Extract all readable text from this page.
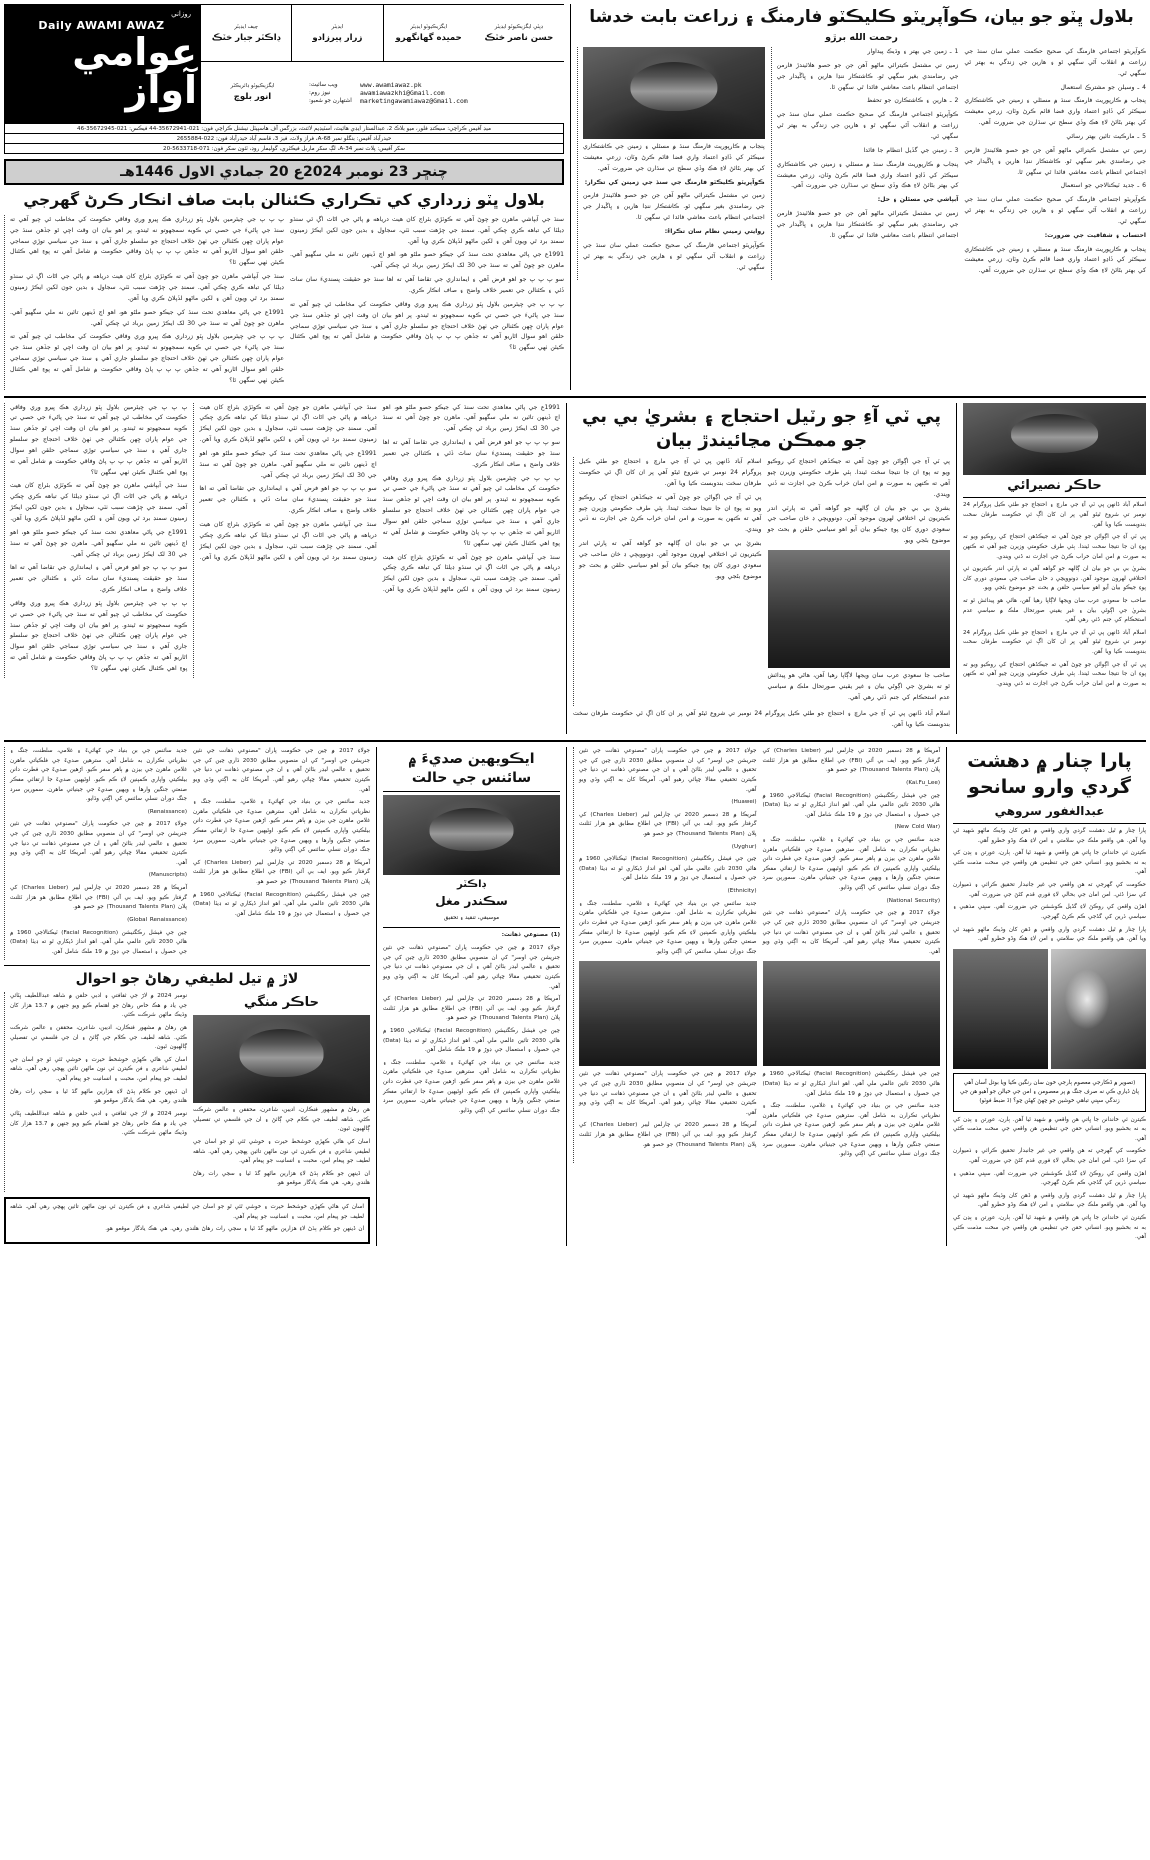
بلاول ڀٽو جو بيان، ڪوآپريٽو ڪليڪٽو فارمنگ ۽ زراعت بابت خدشا
رحمت الله برڙو

پنجاب ۾ ڪارپوريٽ فارمنگ سنڌ ۾ مسئلي ۽ زمينن جي ڪاشتڪاري سيڪٽر کي ڏاڍو اعتماد واري فضا قائم ڪرڻ وٽان، زرعي معيشت کي بهتر بڻائڻ لاءِ هڪ وڏي سطح تي سڌارن جي ضرورت آهي.

ڪوآپريٽو ڪليڪٽو فارمنگ جي سنڌ جي زمينن کي تڪرار:

زمين تي مشتمل ڪيترائي ماڻهو آهن جن جو حصو هلائيندڙ فارمن جي رضامندي بغير سگهي ٿو. ڪاشتڪار ننڍا هارين ۽ ڀاڱيدار جي اجتماعي انتظام باعث معاشي فائدا ٿي سگهن ٿا.

روايتي زميني نظام سان تڪراءُ:

ڪوآپريٽو اجتماعي فارمنگ کي صحيح حڪمت عملي سان سنڌ جي زراعت ۾ انقلاب آڻي سگهي ٿو ۽ هارين جي زندگي به بهتر ٿي سگهي ٿي.

1 ـ زمين جي بهتر ۽ وڌيڪ پيداوار

زمين تي مشتمل ڪيترائي ماڻهو آهن جن جو حصو هلائيندڙ فارمن جي رضامندي بغير سگهي ٿو. ڪاشتڪار ننڍا هارين ۽ ڀاڱيدار جي اجتماعي انتظام باعث معاشي فائدا ٿي سگهن ٿا.

2 ـ هارين ۽ ڪاشتڪارن جو تحفظ

ڪوآپريٽو اجتماعي فارمنگ کي صحيح حڪمت عملي سان سنڌ جي زراعت ۾ انقلاب آڻي سگهي ٿو ۽ هارين جي زندگي به بهتر ٿي سگهي ٿي.

3 ـ زمينن جي گڏيل انتظام جا فائدا

پنجاب ۾ ڪارپوريٽ فارمنگ سنڌ ۾ مسئلي ۽ زمينن جي ڪاشتڪاري سيڪٽر کي ڏاڍو اعتماد واري فضا قائم ڪرڻ وٽان، زرعي معيشت کي بهتر بڻائڻ لاءِ هڪ وڏي سطح تي سڌارن جي ضرورت آهي.

آبپاشي جي مسئلن ۽ حل:

زمين تي مشتمل ڪيترائي ماڻهو آهن جن جو حصو هلائيندڙ فارمن جي رضامندي بغير سگهي ٿو. ڪاشتڪار ننڍا هارين ۽ ڀاڱيدار جي اجتماعي انتظام باعث معاشي فائدا ٿي سگهن ٿا.

ڪوآپريٽو اجتماعي فارمنگ کي صحيح حڪمت عملي سان سنڌ جي زراعت ۾ انقلاب آڻي سگهي ٿو ۽ هارين جي زندگي به بهتر ٿي سگهي ٿي.

4 ـ وسيلن جو مشترڪ استعمال

پنجاب ۾ ڪارپوريٽ فارمنگ سنڌ ۾ مسئلي ۽ زمينن جي ڪاشتڪاري سيڪٽر کي ڏاڍو اعتماد واري فضا قائم ڪرڻ وٽان، زرعي معيشت کي بهتر بڻائڻ لاءِ هڪ وڏي سطح تي سڌارن جي ضرورت آهي.

5 ـ مارڪيٽ تائين بهتر رسائي

زمين تي مشتمل ڪيترائي ماڻهو آهن جن جو حصو هلائيندڙ فارمن جي رضامندي بغير سگهي ٿو. ڪاشتڪار ننڍا هارين ۽ ڀاڱيدار جي اجتماعي انتظام باعث معاشي فائدا ٿي سگهن ٿا.

6 ـ جديد ٽيڪنالاجي جو استعمال

ڪوآپريٽو اجتماعي فارمنگ کي صحيح حڪمت عملي سان سنڌ جي زراعت ۾ انقلاب آڻي سگهي ٿو ۽ هارين جي زندگي به بهتر ٿي سگهي ٿي.

احتساب ۽ شفافيت جي ضرورت:

پنجاب ۾ ڪارپوريٽ فارمنگ سنڌ ۾ مسئلي ۽ زمينن جي ڪاشتڪاري سيڪٽر کي ڏاڍو اعتماد واري فضا قائم ڪرڻ وٽان، زرعي معيشت کي بهتر بڻائڻ لاءِ هڪ وڏي سطح تي سڌارن جي ضرورت آهي.

روزاني
Daily AWAMI AWAZ
عوامي آواز
چيف ايڊيٽر
ڊاڪٽر جبار خٽڪ
ايڊيٽر
زرار پيرزادو
ايگزيڪيوٽو ايڊيٽر
حميده گهانگهرو
ڊپٽي ايگزيڪيوٽو ايڊيٽر
حسن ناصر خٽڪ
ايگزيڪيوٽو ڊائريڪٽر
انور بلوچ
ويب سائيٽ:	www.awamiawaz.pk
نيوز روم:	awamiawazkhi@Gmail.com
اشتهارن جو شعبو:	marketingawamiawaz@Gmail.com
ميڊ آفيس ڪراچي: سيڪنڊ فلور، ميو بلاڪ 2، عبدالستار ايڊي هائيٽ، اسٽيڊيم لائنٽ، بزرگس آف هاسپيٽل نيشنل ڪراچي فون: 021-35672941-44 فيڪس: 021-35672945-46
حيدرآباد آفيس: بنگلو نمبر 68-A، فراز ولاٽ، فيز 3، قاسم آباد حيدرآباد فون: 022-2655884
سکر آفيس: پلاٽ نمبر 34-A، لڳ سکر ماربل فيڪٽري، گوليمار روڊ، ٽئون سکر فون: 071-5633718-20
چنڇر 23 نومبر 2024ع 20 جمادي الاول 1446هـ
بلاول ڀٽو زرداري کي تڪراري ڪئنالن بابت صاف انڪار ڪرڻ گهرجي

پ پ پ جي چيئرمين بلاول ڀٽو زرداري هڪ ڀيرو وري وفاقي حڪومت کي مخاطب ٿي چيو آهي ته سنڌ جي پاڻيءَ جي حصي تي ڪوبه سمجهوتو نه ٿيندو. پر اهو بيان ان وقت اچي ٿو جڏهن سنڌ جي عوام پاران ڇهن ڪئنالن جي ٺهڻ خلاف احتجاج جو سلسلو جاري آهي ۽ سنڌ جي سياسي توڙي سماجي حلقن اهو سوال اٿاريو آهي ته جڏهن پ پ پ پاڻ وفاقي حڪومت ۾ شامل آهي ته پوءِ اهي ڪئنال ڪيئن ٺهي سگهن ٿا؟

سنڌ جي آبپاشي ماهرن جو چوڻ آهي ته ڪوٽڙي بئراج کان هيٺ درياهه ۾ پاڻي جي اڻاٺ اڳ ئي سنڌو ڊيلٽا کي تباهه ڪري چڪي آهي. سمنڊ جي چڙهت سبب ٺٽي، سجاول ۽ بدين جون لکين ايڪڙ زمينون سمنڊ برد ٿي ويون آهن ۽ لکين ماڻهو لڏپلاڻ ڪري ويا آهن.

1991ع جي پاڻي معاهدي تحت سنڌ کي جيڪو حصو ملڻو هو، اهو اڄ ڏينهن تائين نه ملي سگهيو آهي. ماهرن جو چوڻ آهي ته سنڌ جي 30 لک ايڪڙ زمين برباد ٿي چڪي آهي.

پ پ پ جي چيئرمين بلاول ڀٽو زرداري هڪ ڀيرو وري وفاقي حڪومت کي مخاطب ٿي چيو آهي ته سنڌ جي پاڻيءَ جي حصي تي ڪوبه سمجهوتو نه ٿيندو. پر اهو بيان ان وقت اچي ٿو جڏهن سنڌ جي عوام پاران ڇهن ڪئنالن جي ٺهڻ خلاف احتجاج جو سلسلو جاري آهي ۽ سنڌ جي سياسي توڙي سماجي حلقن اهو سوال اٿاريو آهي ته جڏهن پ پ پ پاڻ وفاقي حڪومت ۾ شامل آهي ته پوءِ اهي ڪئنال ڪيئن ٺهي سگهن ٿا؟

سنڌ جي آبپاشي ماهرن جو چوڻ آهي ته ڪوٽڙي بئراج کان هيٺ درياهه ۾ پاڻي جي اڻاٺ اڳ ئي سنڌو ڊيلٽا کي تباهه ڪري چڪي آهي. سمنڊ جي چڙهت سبب ٺٽي، سجاول ۽ بدين جون لکين ايڪڙ زمينون سمنڊ برد ٿي ويون آهن ۽ لکين ماڻهو لڏپلاڻ ڪري ويا آهن.

1991ع جي پاڻي معاهدي تحت سنڌ کي جيڪو حصو ملڻو هو، اهو اڄ ڏينهن تائين نه ملي سگهيو آهي. ماهرن جو چوڻ آهي ته سنڌ جي 30 لک ايڪڙ زمين برباد ٿي چڪي آهي.

سو پ پ پ جو اهو فرض آهي ۽ ايمانداري جي تقاضا آهي ته اها سنڌ جو حقيقت پسنديءَ سان ساٿ ڏئي ۽ ڪئنالن جي تعمير خلاف واضح ۽ صاف انڪار ڪري.

پ پ پ جي چيئرمين بلاول ڀٽو زرداري هڪ ڀيرو وري وفاقي حڪومت کي مخاطب ٿي چيو آهي ته سنڌ جي پاڻيءَ جي حصي تي ڪوبه سمجهوتو نه ٿيندو. پر اهو بيان ان وقت اچي ٿو جڏهن سنڌ جي عوام پاران ڇهن ڪئنالن جي ٺهڻ خلاف احتجاج جو سلسلو جاري آهي ۽ سنڌ جي سياسي توڙي سماجي حلقن اهو سوال اٿاريو آهي ته جڏهن پ پ پ پاڻ وفاقي حڪومت ۾ شامل آهي ته پوءِ اهي ڪئنال ڪيئن ٺهي سگهن ٿا؟

حاڪر نصيرائي

اسلام آباد ڏانهن پي ٽي آءِ جي مارچ ۽ احتجاج جو طئي ڪيل پروگرام 24 نومبر تي شروع ٿيڻو آهي پر ان کان اڳ ئي حڪومت طرفان سخت بندوبست ڪيا ويا آهن.

پي ٽي آءِ جي اڳواڻن جو چوڻ آهي ته جيڪڏهن احتجاج کي روڪيو ويو ته پوءِ ان جا نتيجا سخت ٿيندا. ٻئي طرف حڪومتي وزيرن چيو آهي ته ڪنهن به صورت ۾ امن امان خراب ڪرڻ جي اجازت نه ڏني ويندي.

بشريٰ بي بي جو بيان ان ڳالهه جو گواهه آهي ته پارٽي اندر ڪيتريون ئي اختلافي لهرون موجود آهن. ڊونوويچي ڊ خان صاحب جي سعودي دوري کان پوءِ جيڪو بيان آيو اهو سياسي حلقن ۾ بحث جو موضوع بڻجي ويو.

صاحب جا سعودي عرب سان ويجها لاڳاپا رهيا آهن، هاڻي هو پيدائش ٿو ته بشريٰ جي اڳوڻي بيان ۽ غير يقيني صورتحال ملڪ ۾ سياسي عدم استحڪام کي جنم ڏئي رهي آهي.

اسلام آباد ڏانهن پي ٽي آءِ جي مارچ ۽ احتجاج جو طئي ڪيل پروگرام 24 نومبر تي شروع ٿيڻو آهي پر ان کان اڳ ئي حڪومت طرفان سخت بندوبست ڪيا ويا آهن.

پي ٽي آءِ جي اڳواڻن جو چوڻ آهي ته جيڪڏهن احتجاج کي روڪيو ويو ته پوءِ ان جا نتيجا سخت ٿيندا. ٻئي طرف حڪومتي وزيرن چيو آهي ته ڪنهن به صورت ۾ امن امان خراب ڪرڻ جي اجازت نه ڏني ويندي.

پي ٽي آءِ جو رٽيل احتجاج ۽ بشريٰ بي بي جو ممڪن مڃائيندڙ بيان

اسلام آباد ڏانهن پي ٽي آءِ جي مارچ ۽ احتجاج جو طئي ڪيل پروگرام 24 نومبر تي شروع ٿيڻو آهي پر ان کان اڳ ئي حڪومت طرفان سخت بندوبست ڪيا ويا آهن.

پي ٽي آءِ جي اڳواڻن جو چوڻ آهي ته جيڪڏهن احتجاج کي روڪيو ويو ته پوءِ ان جا نتيجا سخت ٿيندا. ٻئي طرف حڪومتي وزيرن چيو آهي ته ڪنهن به صورت ۾ امن امان خراب ڪرڻ جي اجازت نه ڏني ويندي.

بشريٰ بي بي جو بيان ان ڳالهه جو گواهه آهي ته پارٽي اندر ڪيتريون ئي اختلافي لهرون موجود آهن. ڊونوويچي ڊ خان صاحب جي سعودي دوري کان پوءِ جيڪو بيان آيو اهو سياسي حلقن ۾ بحث جو موضوع بڻجي ويو.

پي ٽي آءِ جي اڳواڻن جو چوڻ آهي ته جيڪڏهن احتجاج کي روڪيو ويو ته پوءِ ان جا نتيجا سخت ٿيندا. ٻئي طرف حڪومتي وزيرن چيو آهي ته ڪنهن به صورت ۾ امن امان خراب ڪرڻ جي اجازت نه ڏني ويندي.

بشريٰ بي بي جو بيان ان ڳالهه جو گواهه آهي ته پارٽي اندر ڪيتريون ئي اختلافي لهرون موجود آهن. ڊونوويچي ڊ خان صاحب جي سعودي دوري کان پوءِ جيڪو بيان آيو اهو سياسي حلقن ۾ بحث جو موضوع بڻجي ويو.

صاحب جا سعودي عرب سان ويجها لاڳاپا رهيا آهن، هاڻي هو پيدائش ٿو ته بشريٰ جي اڳوڻي بيان ۽ غير يقيني صورتحال ملڪ ۾ سياسي عدم استحڪام کي جنم ڏئي رهي آهي.

اسلام آباد ڏانهن پي ٽي آءِ جي مارچ ۽ احتجاج جو طئي ڪيل پروگرام 24 نومبر تي شروع ٿيڻو آهي پر ان کان اڳ ئي حڪومت طرفان سخت بندوبست ڪيا ويا آهن.

پ پ پ جي چيئرمين بلاول ڀٽو زرداري هڪ ڀيرو وري وفاقي حڪومت کي مخاطب ٿي چيو آهي ته سنڌ جي پاڻيءَ جي حصي تي ڪوبه سمجهوتو نه ٿيندو. پر اهو بيان ان وقت اچي ٿو جڏهن سنڌ جي عوام پاران ڇهن ڪئنالن جي ٺهڻ خلاف احتجاج جو سلسلو جاري آهي ۽ سنڌ جي سياسي توڙي سماجي حلقن اهو سوال اٿاريو آهي ته جڏهن پ پ پ پاڻ وفاقي حڪومت ۾ شامل آهي ته پوءِ اهي ڪئنال ڪيئن ٺهي سگهن ٿا؟

سنڌ جي آبپاشي ماهرن جو چوڻ آهي ته ڪوٽڙي بئراج کان هيٺ درياهه ۾ پاڻي جي اڻاٺ اڳ ئي سنڌو ڊيلٽا کي تباهه ڪري چڪي آهي. سمنڊ جي چڙهت سبب ٺٽي، سجاول ۽ بدين جون لکين ايڪڙ زمينون سمنڊ برد ٿي ويون آهن ۽ لکين ماڻهو لڏپلاڻ ڪري ويا آهن.

1991ع جي پاڻي معاهدي تحت سنڌ کي جيڪو حصو ملڻو هو، اهو اڄ ڏينهن تائين نه ملي سگهيو آهي. ماهرن جو چوڻ آهي ته سنڌ جي 30 لک ايڪڙ زمين برباد ٿي چڪي آهي.

سو پ پ پ جو اهو فرض آهي ۽ ايمانداري جي تقاضا آهي ته اها سنڌ جو حقيقت پسنديءَ سان ساٿ ڏئي ۽ ڪئنالن جي تعمير خلاف واضح ۽ صاف انڪار ڪري.

پ پ پ جي چيئرمين بلاول ڀٽو زرداري هڪ ڀيرو وري وفاقي حڪومت کي مخاطب ٿي چيو آهي ته سنڌ جي پاڻيءَ جي حصي تي ڪوبه سمجهوتو نه ٿيندو. پر اهو بيان ان وقت اچي ٿو جڏهن سنڌ جي عوام پاران ڇهن ڪئنالن جي ٺهڻ خلاف احتجاج جو سلسلو جاري آهي ۽ سنڌ جي سياسي توڙي سماجي حلقن اهو سوال اٿاريو آهي ته جڏهن پ پ پ پاڻ وفاقي حڪومت ۾ شامل آهي ته پوءِ اهي ڪئنال ڪيئن ٺهي سگهن ٿا؟

سنڌ جي آبپاشي ماهرن جو چوڻ آهي ته ڪوٽڙي بئراج کان هيٺ درياهه ۾ پاڻي جي اڻاٺ اڳ ئي سنڌو ڊيلٽا کي تباهه ڪري چڪي آهي. سمنڊ جي چڙهت سبب ٺٽي، سجاول ۽ بدين جون لکين ايڪڙ زمينون سمنڊ برد ٿي ويون آهن ۽ لکين ماڻهو لڏپلاڻ ڪري ويا آهن.

1991ع جي پاڻي معاهدي تحت سنڌ کي جيڪو حصو ملڻو هو، اهو اڄ ڏينهن تائين نه ملي سگهيو آهي. ماهرن جو چوڻ آهي ته سنڌ جي 30 لک ايڪڙ زمين برباد ٿي چڪي آهي.

سو پ پ پ جو اهو فرض آهي ۽ ايمانداري جي تقاضا آهي ته اها سنڌ جو حقيقت پسنديءَ سان ساٿ ڏئي ۽ ڪئنالن جي تعمير خلاف واضح ۽ صاف انڪار ڪري.

سنڌ جي آبپاشي ماهرن جو چوڻ آهي ته ڪوٽڙي بئراج کان هيٺ درياهه ۾ پاڻي جي اڻاٺ اڳ ئي سنڌو ڊيلٽا کي تباهه ڪري چڪي آهي. سمنڊ جي چڙهت سبب ٺٽي، سجاول ۽ بدين جون لکين ايڪڙ زمينون سمنڊ برد ٿي ويون آهن ۽ لکين ماڻهو لڏپلاڻ ڪري ويا آهن.

1991ع جي پاڻي معاهدي تحت سنڌ کي جيڪو حصو ملڻو هو، اهو اڄ ڏينهن تائين نه ملي سگهيو آهي. ماهرن جو چوڻ آهي ته سنڌ جي 30 لک ايڪڙ زمين برباد ٿي چڪي آهي.

سو پ پ پ جو اهو فرض آهي ۽ ايمانداري جي تقاضا آهي ته اها سنڌ جو حقيقت پسنديءَ سان ساٿ ڏئي ۽ ڪئنالن جي تعمير خلاف واضح ۽ صاف انڪار ڪري.

پ پ پ جي چيئرمين بلاول ڀٽو زرداري هڪ ڀيرو وري وفاقي حڪومت کي مخاطب ٿي چيو آهي ته سنڌ جي پاڻيءَ جي حصي تي ڪوبه سمجهوتو نه ٿيندو. پر اهو بيان ان وقت اچي ٿو جڏهن سنڌ جي عوام پاران ڇهن ڪئنالن جي ٺهڻ خلاف احتجاج جو سلسلو جاري آهي ۽ سنڌ جي سياسي توڙي سماجي حلقن اهو سوال اٿاريو آهي ته جڏهن پ پ پ پاڻ وفاقي حڪومت ۾ شامل آهي ته پوءِ اهي ڪئنال ڪيئن ٺهي سگهن ٿا؟

سنڌ جي آبپاشي ماهرن جو چوڻ آهي ته ڪوٽڙي بئراج کان هيٺ درياهه ۾ پاڻي جي اڻاٺ اڳ ئي سنڌو ڊيلٽا کي تباهه ڪري چڪي آهي. سمنڊ جي چڙهت سبب ٺٽي، سجاول ۽ بدين جون لکين ايڪڙ زمينون سمنڊ برد ٿي ويون آهن ۽ لکين ماڻهو لڏپلاڻ ڪري ويا آهن.

پارا چنار ۾ دهشت گردي وارو سانحو
عبدالغفور سروهي

پارا چنار ۾ ٿيل دهشت گردي واري واقعي ۾ ڏهن کان وڌيڪ ماڻهو شهيد ٿي ويا آهن. هي واقعو ملڪ جي سلامتي ۽ امن لاءِ هڪ وڏو خطرو آهي.

ڪيترن ئي خاندانن جا ڀاتي هن واقعي ۾ شهيد ٿيا آهن. ٻارن، عورتن ۽ ٻڍن کي به نه بخشيو ويو. انساني حقن جي تنظيمن هن واقعي جي سخت مذمت ڪئي آهي.

حڪومت کي گهرجي ته هن واقعي جي غير جانبدار تحقيق ڪرائي ۽ ذميوارن کي سزا ڏئي. امن امان جي بحالي لاءِ فوري قدم کڻڻ جي ضرورت آهي.

اهڙن واقعن کي روڪڻ لاءِ گڏيل ڪوششن جي ضرورت آهي. سڀني مذهبي ۽ سياسي ڌرين کي گڏجي ڪم ڪرڻ گهرجي.

پارا چنار ۾ ٿيل دهشت گردي واري واقعي ۾ ڏهن کان وڌيڪ ماڻهو شهيد ٿي ويا آهن. هي واقعو ملڪ جي سلامتي ۽ امن لاءِ هڪ وڏو خطرو آهي.

(تصوير ۾ ڏڪارجي معصوم ٻارجي خون سان رنگين ڪيا ويا بوتل آسان آهي پاڻ ڏياري ڪي نه صرف جنگ ۾ پر معصومن ۽ امن جي خيالن جو آهيو هن جي زندگي سڀني تباهي خوشين جو ڇهڻ کهڻن ڇو؟ (ڏ ضبط فوٽو)

ڪيترن ئي خاندانن جا ڀاتي هن واقعي ۾ شهيد ٿيا آهن. ٻارن، عورتن ۽ ٻڍن کي به نه بخشيو ويو. انساني حقن جي تنظيمن هن واقعي جي سخت مذمت ڪئي آهي.

حڪومت کي گهرجي ته هن واقعي جي غير جانبدار تحقيق ڪرائي ۽ ذميوارن کي سزا ڏئي. امن امان جي بحالي لاءِ فوري قدم کڻڻ جي ضرورت آهي.

اهڙن واقعن کي روڪڻ لاءِ گڏيل ڪوششن جي ضرورت آهي. سڀني مذهبي ۽ سياسي ڌرين کي گڏجي ڪم ڪرڻ گهرجي.

پارا چنار ۾ ٿيل دهشت گردي واري واقعي ۾ ڏهن کان وڌيڪ ماڻهو شهيد ٿي ويا آهن. هي واقعو ملڪ جي سلامتي ۽ امن لاءِ هڪ وڏو خطرو آهي.

ڪيترن ئي خاندانن جا ڀاتي هن واقعي ۾ شهيد ٿيا آهن. ٻارن، عورتن ۽ ٻڍن کي به نه بخشيو ويو. انساني حقن جي تنظيمن هن واقعي جي سخت مذمت ڪئي آهي.

جولاءِ 2017 ۾ چين جي حڪومت پاران "مصنوعي ذهانت جي نئين جنريشن جي اوسر" کي ان منصوبي مطابق 2030 ڌاري چين کي جي تحقيق ۽ عالمي ليڊر بڻائڻ آهي ۽ ان جي مصنوعي ذهانت تي دنيا جي ڪيترن تحقيقي مقالا ڇپائي رهيو آهي. آمريڪا کان به اڳتي وڌي ويو آهي.

(Huawei)

آمريڪا ۾ 28 ڊسمبر 2020 تي چارلس ليبر (Charles Lieber) کي گرفتار ڪيو ويو. ايف بي آئي (FBI) جي اطلاع مطابق هو هزار ٽئلنٽ پلان (Thousand Talents Plan) جو حصو هو.

(Uyghur)

چين جي فيشل رڪگنيشن (Facial Recognition) ٽيڪنالاجي 1960 ۾ هاڻي 2030 تائين عالمي ملي آهي. اهو انداز ڏيکاري ٿو ته ڊيٽا (Data) جي حصول ۽ استعمال جي ڊوڙ ۾ 19 ملڪ شامل آهن.

(Ethnicity)

جديد سائنس جي بن بنياد جي کهائيءَ ۽ غلامي، سلطنت، جنگ ۽ نظرياتي تڪرارن به شامل آهن. سترهين صديءَ جي فلڪياتي ماهرن غلامن ماهرن جي بيزن ۾ ٻاهر سفر ڪيو. اڙهين صديءَ جي فطرت دانن بيلڪيتي واپاري ڪمپنين لاءِ ڪم ڪيو. اوڻيهين صديءَ جا ارتقائي مفڪر صنعتي جنگين وارها ۽ ويهين صديءَ جي جينياتي ماهرن. سمورين سرد جنگ دوران نسلي سائنس کي اڳتي وڌايو.

جولاءِ 2017 ۾ چين جي حڪومت پاران "مصنوعي ذهانت جي نئين جنريشن جي اوسر" کي ان منصوبي مطابق 2030 ڌاري چين کي جي تحقيق ۽ عالمي ليڊر بڻائڻ آهي ۽ ان جي مصنوعي ذهانت تي دنيا جي ڪيترن تحقيقي مقالا ڇپائي رهيو آهي. آمريڪا کان به اڳتي وڌي ويو آهي.

آمريڪا ۾ 28 ڊسمبر 2020 تي چارلس ليبر (Charles Lieber) کي گرفتار ڪيو ويو. ايف بي آئي (FBI) جي اطلاع مطابق هو هزار ٽئلنٽ پلان (Thousand Talents Plan) جو حصو هو.

آمريڪا ۾ 28 ڊسمبر 2020 تي چارلس ليبر (Charles Lieber) کي گرفتار ڪيو ويو. ايف بي آئي (FBI) جي اطلاع مطابق هو هزار ٽئلنٽ پلان (Thousand Talents Plan) جو حصو هو.

(Kai.Fu_Lee)

چين جي فيشل رڪگنيشن (Facial Recognition) ٽيڪنالاجي 1960 ۾ هاڻي 2030 تائين عالمي ملي آهي. اهو انداز ڏيکاري ٿو ته ڊيٽا (Data) جي حصول ۽ استعمال جي ڊوڙ ۾ 19 ملڪ شامل آهن.

(New Cold War)

جديد سائنس جي بن بنياد جي کهائيءَ ۽ غلامي، سلطنت، جنگ ۽ نظرياتي تڪرارن به شامل آهن. سترهين صديءَ جي فلڪياتي ماهرن غلامن ماهرن جي بيزن ۾ ٻاهر سفر ڪيو. اڙهين صديءَ جي فطرت دانن بيلڪيتي واپاري ڪمپنين لاءِ ڪم ڪيو. اوڻيهين صديءَ جا ارتقائي مفڪر صنعتي جنگين وارها ۽ ويهين صديءَ جي جينياتي ماهرن. سمورين سرد جنگ دوران نسلي سائنس کي اڳتي وڌايو.

(National Security)

جولاءِ 2017 ۾ چين جي حڪومت پاران "مصنوعي ذهانت جي نئين جنريشن جي اوسر" کي ان منصوبي مطابق 2030 ڌاري چين کي جي تحقيق ۽ عالمي ليڊر بڻائڻ آهي ۽ ان جي مصنوعي ذهانت تي دنيا جي ڪيترن تحقيقي مقالا ڇپائي رهيو آهي. آمريڪا کان به اڳتي وڌي ويو آهي.

چين جي فيشل رڪگنيشن (Facial Recognition) ٽيڪنالاجي 1960 ۾ هاڻي 2030 تائين عالمي ملي آهي. اهو انداز ڏيکاري ٿو ته ڊيٽا (Data) جي حصول ۽ استعمال جي ڊوڙ ۾ 19 ملڪ شامل آهن.

جديد سائنس جي بن بنياد جي کهائيءَ ۽ غلامي، سلطنت، جنگ ۽ نظرياتي تڪرارن به شامل آهن. سترهين صديءَ جي فلڪياتي ماهرن غلامن ماهرن جي بيزن ۾ ٻاهر سفر ڪيو. اڙهين صديءَ جي فطرت دانن بيلڪيتي واپاري ڪمپنين لاءِ ڪم ڪيو. اوڻيهين صديءَ جا ارتقائي مفڪر صنعتي جنگين وارها ۽ ويهين صديءَ جي جينياتي ماهرن. سمورين سرد جنگ دوران نسلي سائنس کي اڳتي وڌايو.

ايڪويهين صديءَ ۾ سائنس جي حالت
ڊاڪٽر
سڪندر مغل
موسيقي، تنقيد ۽ تحقيق

(1) مصنوعي ذهانت:

جولاءِ 2017 ۾ چين جي حڪومت پاران "مصنوعي ذهانت جي نئين جنريشن جي اوسر" کي ان منصوبي مطابق 2030 ڌاري چين کي جي تحقيق ۽ عالمي ليڊر بڻائڻ آهي ۽ ان جي مصنوعي ذهانت تي دنيا جي ڪيترن تحقيقي مقالا ڇپائي رهيو آهي. آمريڪا کان به اڳتي وڌي ويو آهي.

آمريڪا ۾ 28 ڊسمبر 2020 تي چارلس ليبر (Charles Lieber) کي گرفتار ڪيو ويو. ايف بي آئي (FBI) جي اطلاع مطابق هو هزار ٽئلنٽ پلان (Thousand Talents Plan) جو حصو هو.

چين جي فيشل رڪگنيشن (Facial Recognition) ٽيڪنالاجي 1960 ۾ هاڻي 2030 تائين عالمي ملي آهي. اهو انداز ڏيکاري ٿو ته ڊيٽا (Data) جي حصول ۽ استعمال جي ڊوڙ ۾ 19 ملڪ شامل آهن.

جديد سائنس جي بن بنياد جي کهائيءَ ۽ غلامي، سلطنت، جنگ ۽ نظرياتي تڪرارن به شامل آهن. سترهين صديءَ جي فلڪياتي ماهرن غلامن ماهرن جي بيزن ۾ ٻاهر سفر ڪيو. اڙهين صديءَ جي فطرت دانن بيلڪيتي واپاري ڪمپنين لاءِ ڪم ڪيو. اوڻيهين صديءَ جا ارتقائي مفڪر صنعتي جنگين وارها ۽ ويهين صديءَ جي جينياتي ماهرن. سمورين سرد جنگ دوران نسلي سائنس کي اڳتي وڌايو.

جديد سائنس جي بن بنياد جي کهائيءَ ۽ غلامي، سلطنت، جنگ ۽ نظرياتي تڪرارن به شامل آهن. سترهين صديءَ جي فلڪياتي ماهرن غلامن ماهرن جي بيزن ۾ ٻاهر سفر ڪيو. اڙهين صديءَ جي فطرت دانن بيلڪيتي واپاري ڪمپنين لاءِ ڪم ڪيو. اوڻيهين صديءَ جا ارتقائي مفڪر صنعتي جنگين وارها ۽ ويهين صديءَ جي جينياتي ماهرن. سمورين سرد جنگ دوران نسلي سائنس کي اڳتي وڌايو.

(Renaissance)

جولاءِ 2017 ۾ چين جي حڪومت پاران "مصنوعي ذهانت جي نئين جنريشن جي اوسر" کي ان منصوبي مطابق 2030 ڌاري چين کي جي تحقيق ۽ عالمي ليڊر بڻائڻ آهي ۽ ان جي مصنوعي ذهانت تي دنيا جي ڪيترن تحقيقي مقالا ڇپائي رهيو آهي. آمريڪا کان به اڳتي وڌي ويو آهي.

(Manuscripts)

آمريڪا ۾ 28 ڊسمبر 2020 تي چارلس ليبر (Charles Lieber) کي گرفتار ڪيو ويو. ايف بي آئي (FBI) جي اطلاع مطابق هو هزار ٽئلنٽ پلان (Thousand Talents Plan) جو حصو هو.

(Global Renaissance)

چين جي فيشل رڪگنيشن (Facial Recognition) ٽيڪنالاجي 1960 ۾ هاڻي 2030 تائين عالمي ملي آهي. اهو انداز ڏيکاري ٿو ته ڊيٽا (Data) جي حصول ۽ استعمال جي ڊوڙ ۾ 19 ملڪ شامل آهن.

جولاءِ 2017 ۾ چين جي حڪومت پاران "مصنوعي ذهانت جي نئين جنريشن جي اوسر" کي ان منصوبي مطابق 2030 ڌاري چين کي جي تحقيق ۽ عالمي ليڊر بڻائڻ آهي ۽ ان جي مصنوعي ذهانت تي دنيا جي ڪيترن تحقيقي مقالا ڇپائي رهيو آهي. آمريڪا کان به اڳتي وڌي ويو آهي.

جديد سائنس جي بن بنياد جي کهائيءَ ۽ غلامي، سلطنت، جنگ ۽ نظرياتي تڪرارن به شامل آهن. سترهين صديءَ جي فلڪياتي ماهرن غلامن ماهرن جي بيزن ۾ ٻاهر سفر ڪيو. اڙهين صديءَ جي فطرت دانن بيلڪيتي واپاري ڪمپنين لاءِ ڪم ڪيو. اوڻيهين صديءَ جا ارتقائي مفڪر صنعتي جنگين وارها ۽ ويهين صديءَ جي جينياتي ماهرن. سمورين سرد جنگ دوران نسلي سائنس کي اڳتي وڌايو.

آمريڪا ۾ 28 ڊسمبر 2020 تي چارلس ليبر (Charles Lieber) کي گرفتار ڪيو ويو. ايف بي آئي (FBI) جي اطلاع مطابق هو هزار ٽئلنٽ پلان (Thousand Talents Plan) جو حصو هو.

چين جي فيشل رڪگنيشن (Facial Recognition) ٽيڪنالاجي 1960 ۾ هاڻي 2030 تائين عالمي ملي آهي. اهو انداز ڏيکاري ٿو ته ڊيٽا (Data) جي حصول ۽ استعمال جي ڊوڙ ۾ 19 ملڪ شامل آهن.

لاڙ ۾ تيل لطيفي رهاڻ جو احوال

نومبر 2024 ۾ لاڙ جي ثقافتي ۽ ادبي حلقن ۾ شاهه عبداللطيف ڀٽائي جي ياد ۾ هڪ خاص رهاڻ جو اهتمام ڪيو ويو جنهن ۾ 13.7 هزار کان وڌيڪ ماڻهن شرڪت ڪئي.

هن رهاڻ ۾ مشهور فنڪارن، اديبن، شاعرن، محققن ۽ عالمن شرڪت ڪئي. شاهه لطيف جي ڪلام جي ڳائڻ ۽ ان جي فلسفي تي تفصيلي ڳالهيون ٿيون.

اسان کي هاڻي ڪهڙي خوشخط حيرت ۽ خوشي ٿئي ٿو جو اسان جي لطيفي شاعري ۽ فن ڪيترن ئي نون ماڻهن تائين پهچي رهي آهي. شاهه لطيف جو پيغام امن، محبت ۽ انسانيت جو پيغام آهي.

ان ڏينهن جو ڪلام ٻڌڻ لاءِ هزارين ماڻهو گڏ ٿيا ۽ سڄي رات رهاڻ هلندي رهي. هي هڪ يادگار موقعو هو.

نومبر 2024 ۾ لاڙ جي ثقافتي ۽ ادبي حلقن ۾ شاهه عبداللطيف ڀٽائي جي ياد ۾ هڪ خاص رهاڻ جو اهتمام ڪيو ويو جنهن ۾ 13.7 هزار کان وڌيڪ ماڻهن شرڪت ڪئي.

حاڪر منگي

هن رهاڻ ۾ مشهور فنڪارن، اديبن، شاعرن، محققن ۽ عالمن شرڪت ڪئي. شاهه لطيف جي ڪلام جي ڳائڻ ۽ ان جي فلسفي تي تفصيلي ڳالهيون ٿيون.

اسان کي هاڻي ڪهڙي خوشخط حيرت ۽ خوشي ٿئي ٿو جو اسان جي لطيفي شاعري ۽ فن ڪيترن ئي نون ماڻهن تائين پهچي رهي آهي. شاهه لطيف جو پيغام امن، محبت ۽ انسانيت جو پيغام آهي.

ان ڏينهن جو ڪلام ٻڌڻ لاءِ هزارين ماڻهو گڏ ٿيا ۽ سڄي رات رهاڻ هلندي رهي. هي هڪ يادگار موقعو هو.

اسان کي هاڻي ڪهڙي خوشخط حيرت ۽ خوشي ٿئي ٿو جو اسان جي لطيفي شاعري ۽ فن ڪيترن ئي نون ماڻهن تائين پهچي رهي آهي. شاهه لطيف جو پيغام امن، محبت ۽ انسانيت جو پيغام آهي.

ان ڏينهن جو ڪلام ٻڌڻ لاءِ هزارين ماڻهو گڏ ٿيا ۽ سڄي رات رهاڻ هلندي رهي. هي هڪ يادگار موقعو هو.
